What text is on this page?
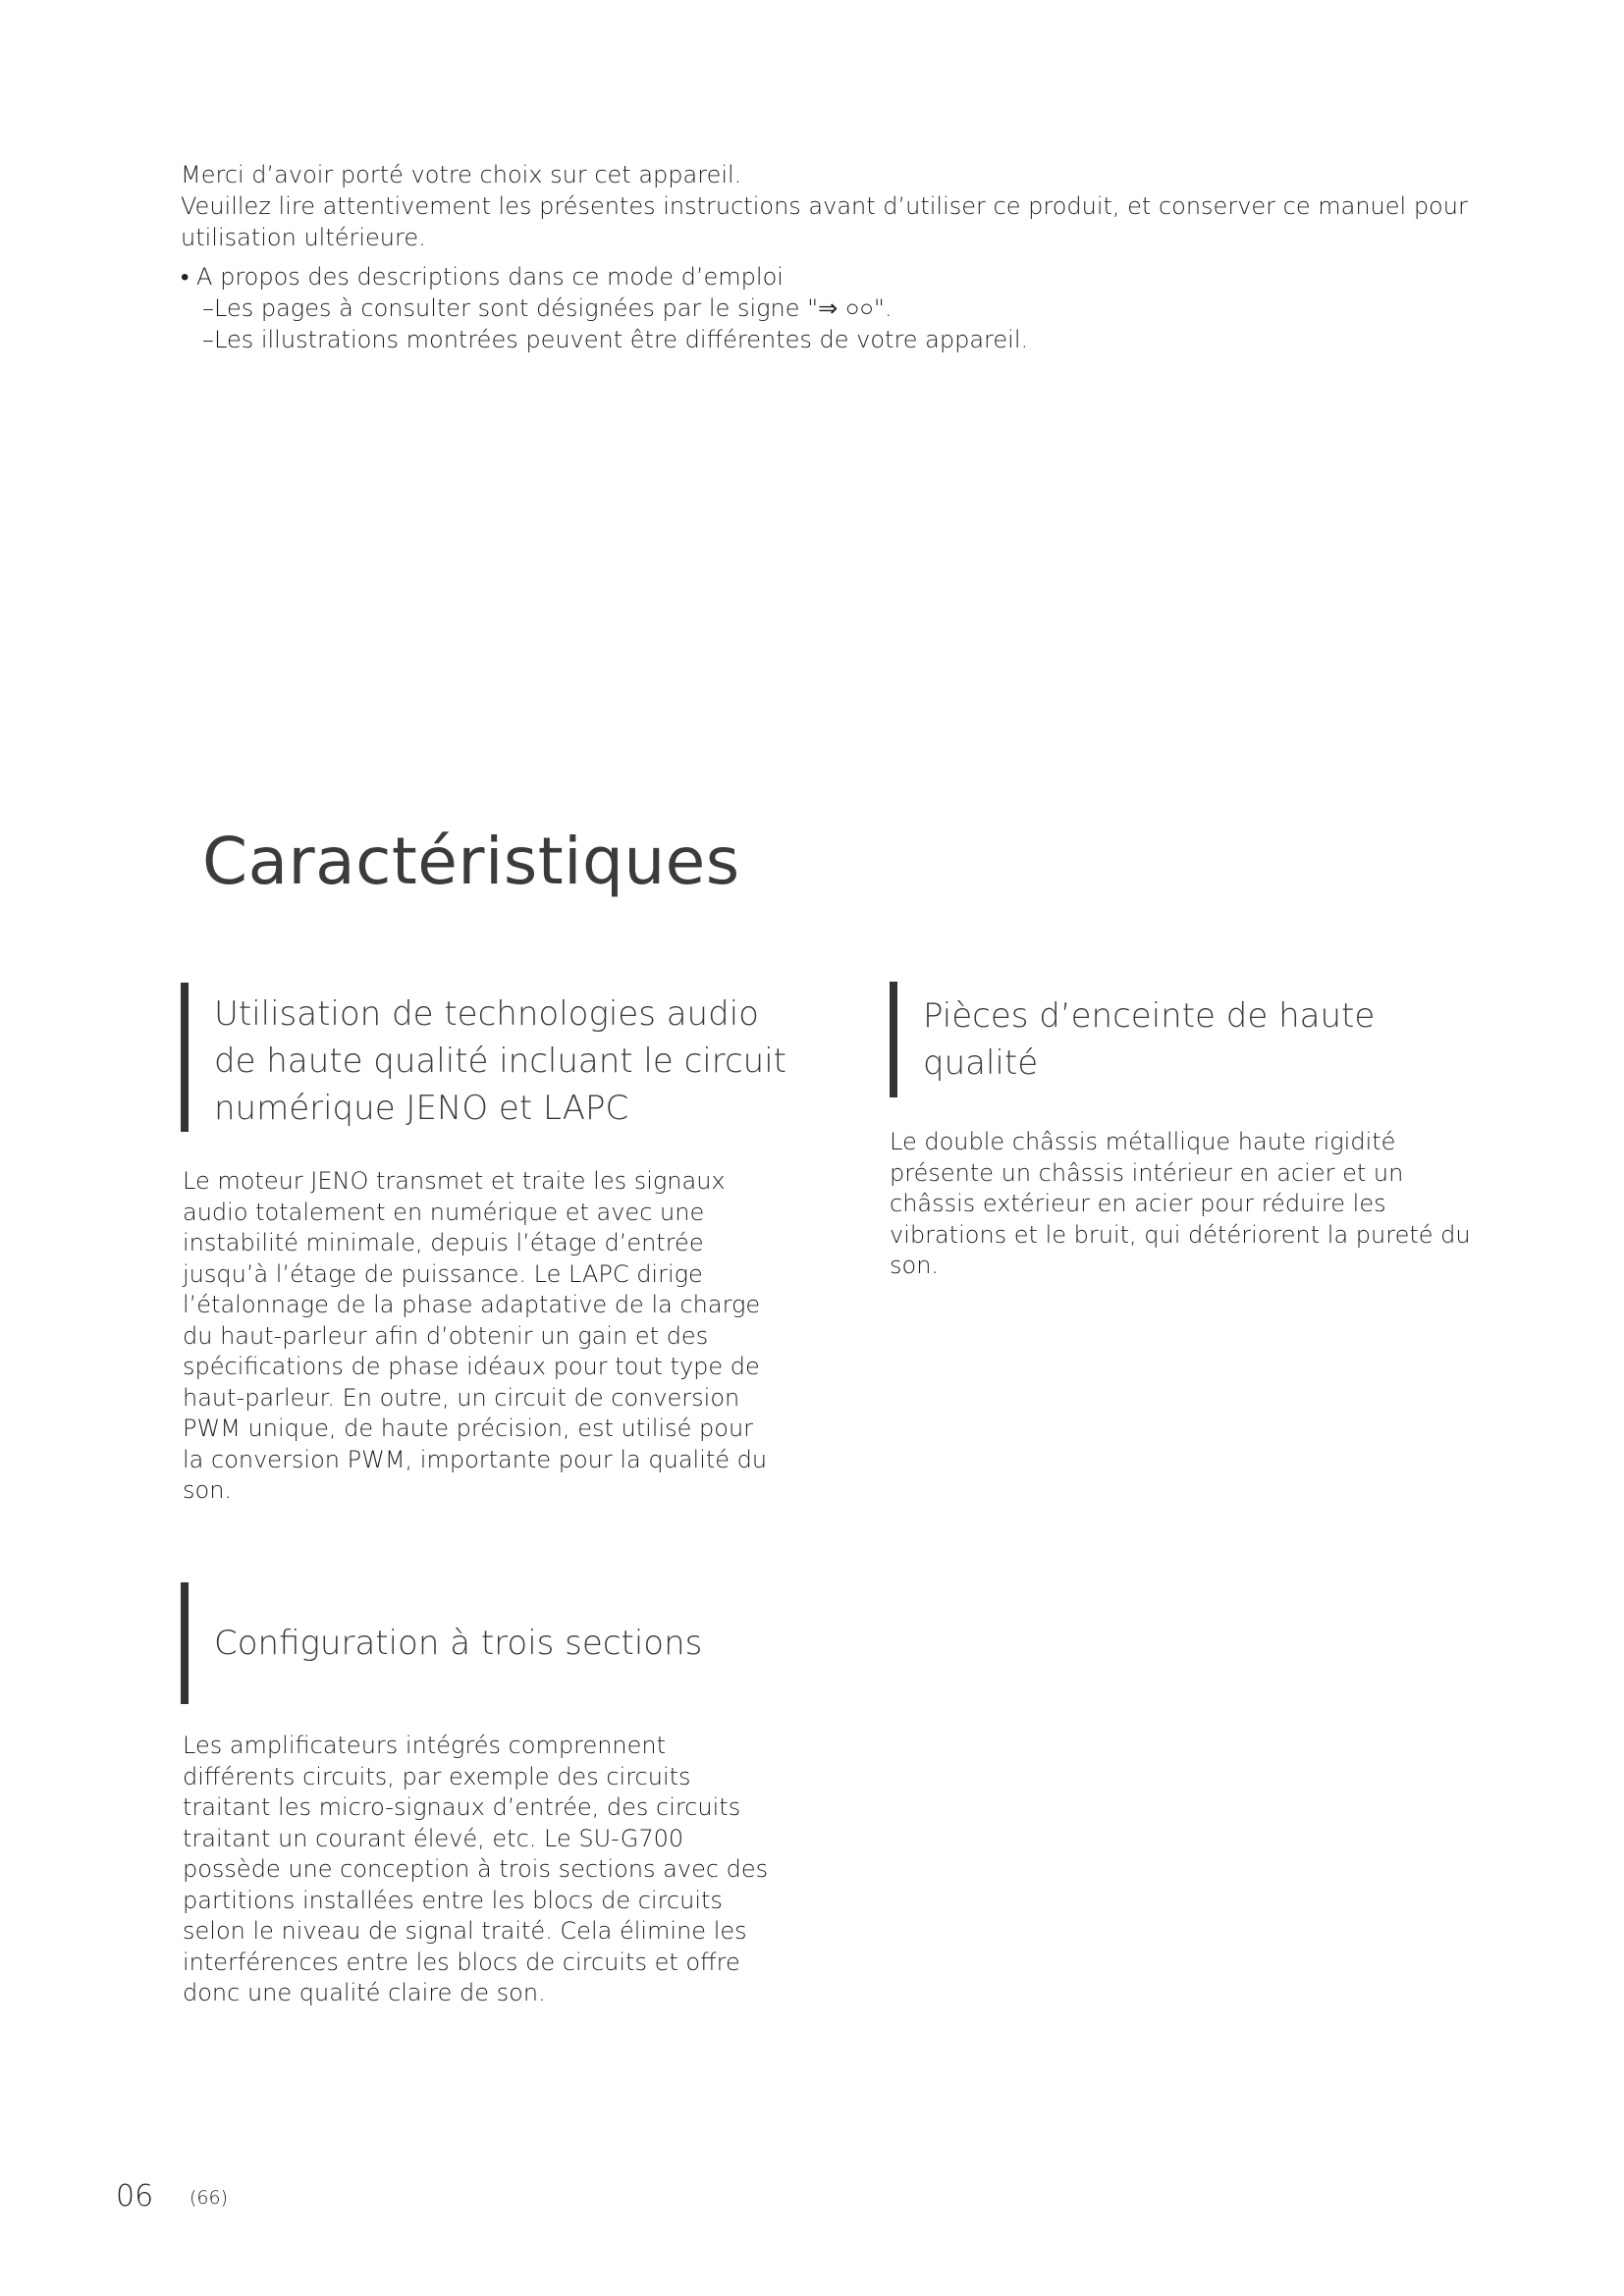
Merci d’avoir porté votre choix sur cet appareil.

Veuillez lire attentivement les présentes instructions avant d’utiliser ce produit, et conserver ce manuel pour utilisation ultérieure.

• A propos des descriptions dans ce mode d’emploi

–Les pages à consulter sont désignées par le signe "⇒ ○○".

–Les illustrations montrées peuvent être différentes de votre appareil.

Caractéristiques
Utilisation de technologies audio de haute qualité incluant le circuit numérique JENO et LAPC

Le moteur JENO transmet et traite les signaux audio totalement en numérique et avec une instabilité minimale, depuis l’étage d’entrée jusqu’à l’étage de puissance. Le LAPC dirige l’étalonnage de la phase adaptative de la charge du haut-parleur afin d’obtenir un gain et des spécifications de phase idéaux pour tout type de haut-parleur. En outre, un circuit de conversion PWM unique, de haute précision, est utilisé pour la conversion PWM, importante pour la qualité du son.

Pièces d’enceinte de haute qualité

Le double châssis métallique haute rigidité présente un châssis intérieur en acier et un châssis extérieur en acier pour réduire les vibrations et le bruit, qui détériorent la pureté du son.

Configuration à trois sections

Les amplificateurs intégrés comprennent différents circuits, par exemple des circuits traitant les micro-signaux d’entrée, des circuits traitant un courant élevé, etc. Le SU-G700 possède une conception à trois sections avec des partitions installées entre les blocs de circuits selon le niveau de signal traité. Cela élimine les interférences entre les blocs de circuits et offre donc une qualité claire de son.

06 (66)
